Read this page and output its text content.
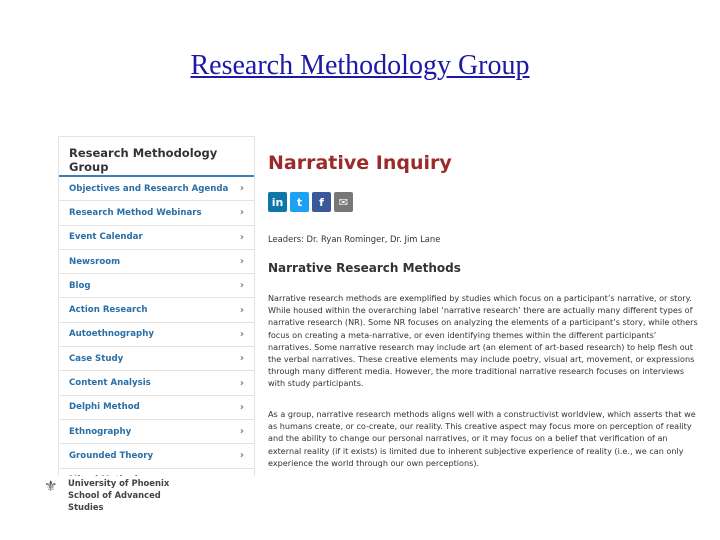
Research Methodology Group
Research Methodology Group
Objectives and Research Agenda ›
Research Method Webinars	›
Event Calendar	›
Newsroom	›
Blog	›
Action Research	›
Autoethnography	›
Case Study	›
Content Analysis	›
Delphi Method	›
Ethnography	›
Grounded Theory	›
Narrative Inquiry
in	t	f	✉
Leaders: Dr. Ryan Rominger, Dr. Jim Lane
Narrative Research Methods

Narrative research methods are exemplified by studies which focus on a participant’s narrative, or story. While housed within the overarching label ‘narrative research’ there are actually many different types of narrative research (NR). Some NR focuses on analyzing the elements of a participant’s story, while others focus on creating a meta-narrative, or even identifying themes within the different participants’ narratives. Some narrative research may include art (an element of art-based research) to help flesh out the verbal narratives. These creative elements may include poetry, visual art, movement, or expressions through many different media. However, the more traditional narrative research focuses on interviews with study participants.

As a group, narrative research methods aligns well with a constructivist worldview, which asserts that we as humans create, or co-create, our reality. This creative aspect may focus more on perception of reality and the ability to change our personal narratives, or it may focus on a belief that verification of an external reality (if it exists) is limited due to inherent subjective experience of reality (i.e., we can only experience the world through our own perceptions).

⚜ University of Phoenix
School of Advanced
Studies
